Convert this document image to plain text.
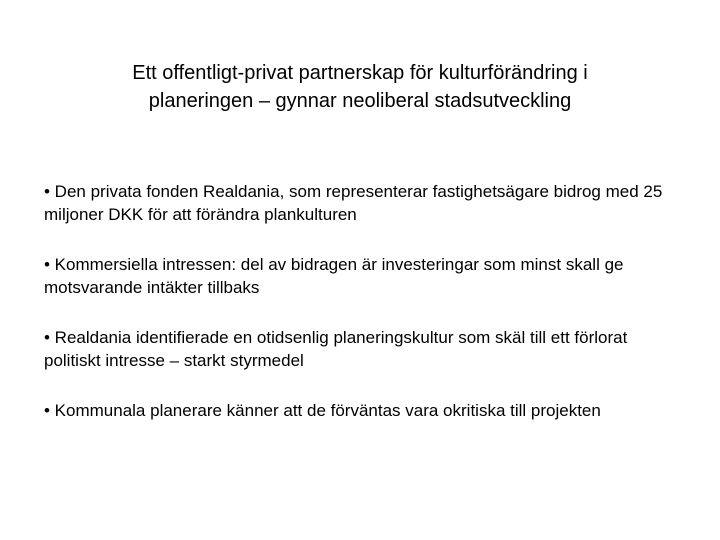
Ett offentligt-privat partnerskap för kulturförändring i planeringen – gynnar neoliberal stadsutveckling
• Den privata fonden Realdania, som representerar fastighetsägare bidrog med 25 miljoner DKK för att förändra plankulturen
• Kommersiella intressen: del av bidragen är investeringar som minst skall ge motsvarande intäkter tillbaks
• Realdania identifierade en otidsenlig planeringskultur som skäl till ett förlorat politiskt intresse – starkt styrmedel
• Kommunala planerare känner att de förväntas vara okritiska till projekten
